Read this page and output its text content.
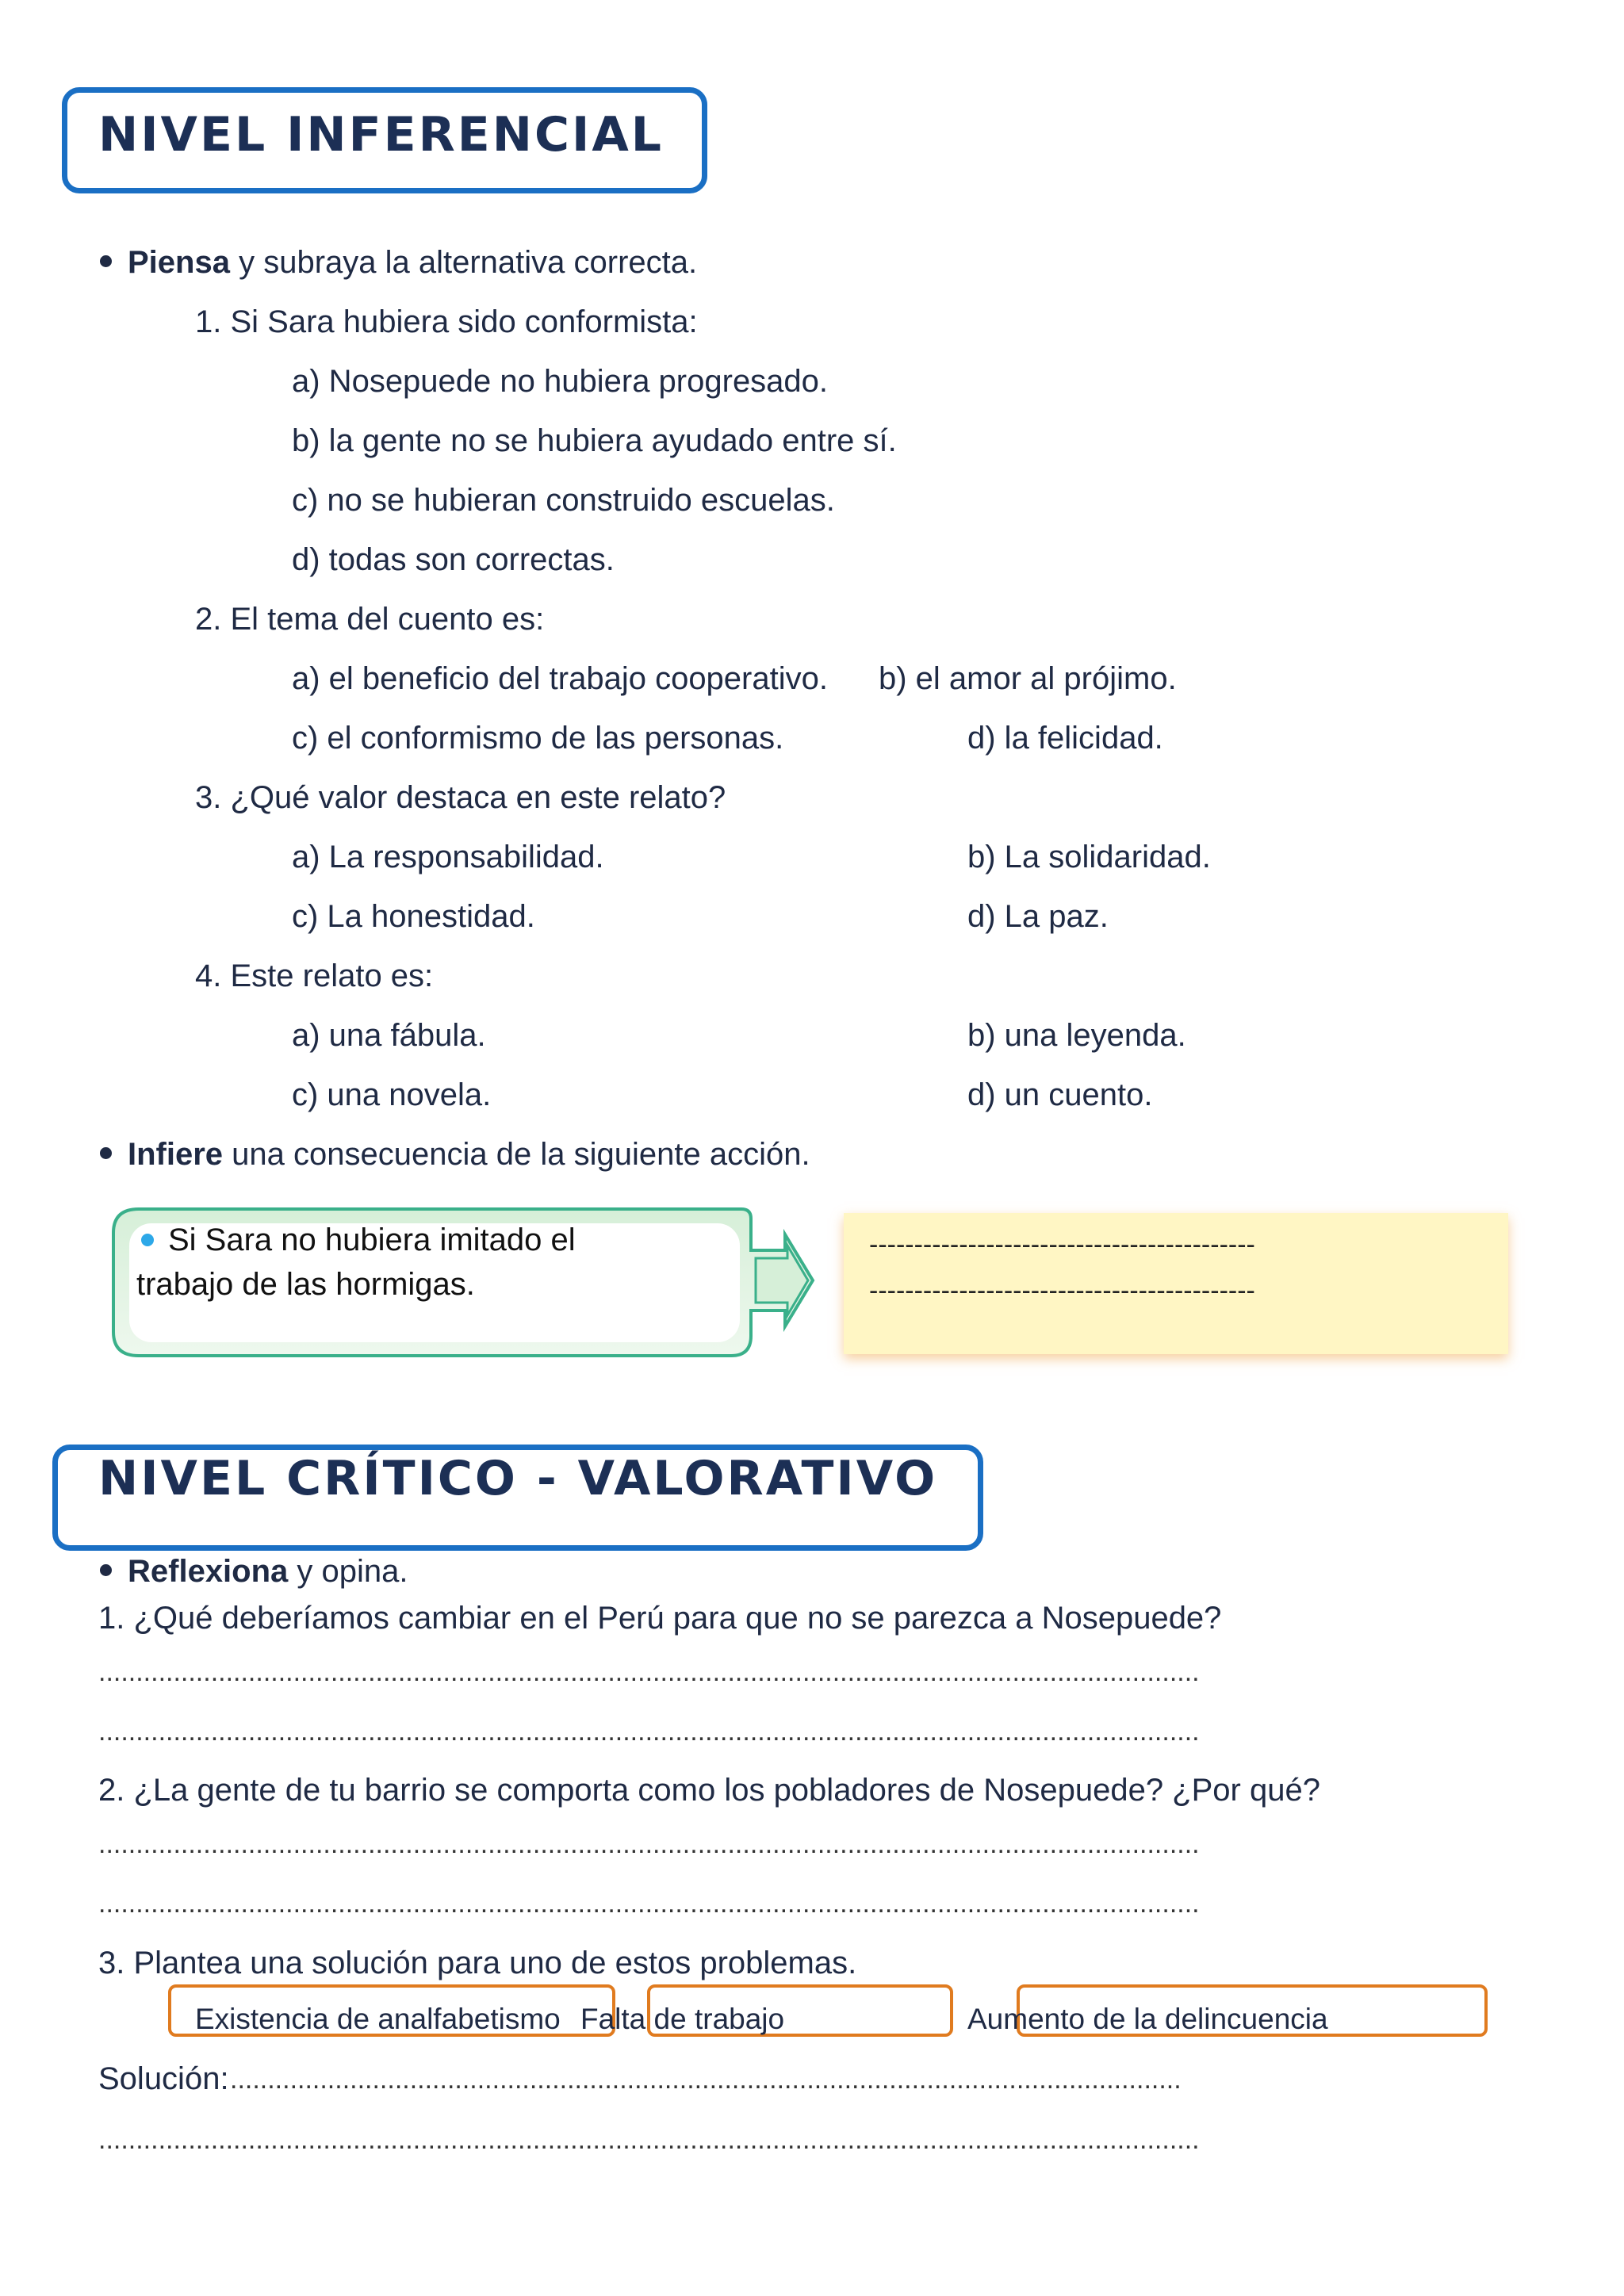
NIVEL INFERENCIAL
Piensa y subraya la alternativa correcta.
1. Si Sara hubiera sido conformista:
a) Nosepuede no hubiera progresado.
b) la gente no se hubiera ayudado entre sí.
c) no se hubieran construido escuelas.
d) todas son correctas.
2. El tema del cuento es:
a) el beneficio del trabajo cooperativo. b) el amor al prójimo.
c) el conformismo de las personas.	d) la felicidad.
3. ¿Qué valor destaca en este relato?
a) La responsabilidad.	b) La solidaridad.
c) La honestidad.	d) La paz.
4. Este relato es:
a) una fábula.	b) una leyenda.
c) una novela.	d) un cuento.
Infiere una consecuencia de la siguiente acción.
Si Sara no hubiera imitado el
trabajo de las hormigas.
-------------------------------------------
-------------------------------------------
NIVEL CRÍTICO - VALORATIVO
Reflexiona y opina.
1. ¿Qué deberíamos cambiar en el Perú para que no se parezca a Nosepuede?
...................................................................................................................................................
...................................................................................................................................................
2. ¿La gente de tu barrio se comporta como los pobladores de Nosepuede? ¿Por qué?
...................................................................................................................................................
...................................................................................................................................................
3. Plantea una solución para uno de estos problemas.
Existencia de analfabetismo Falta de trabajo	Aumento de la delincuencia
Solución: ...............................................................................................................................
...................................................................................................................................................
